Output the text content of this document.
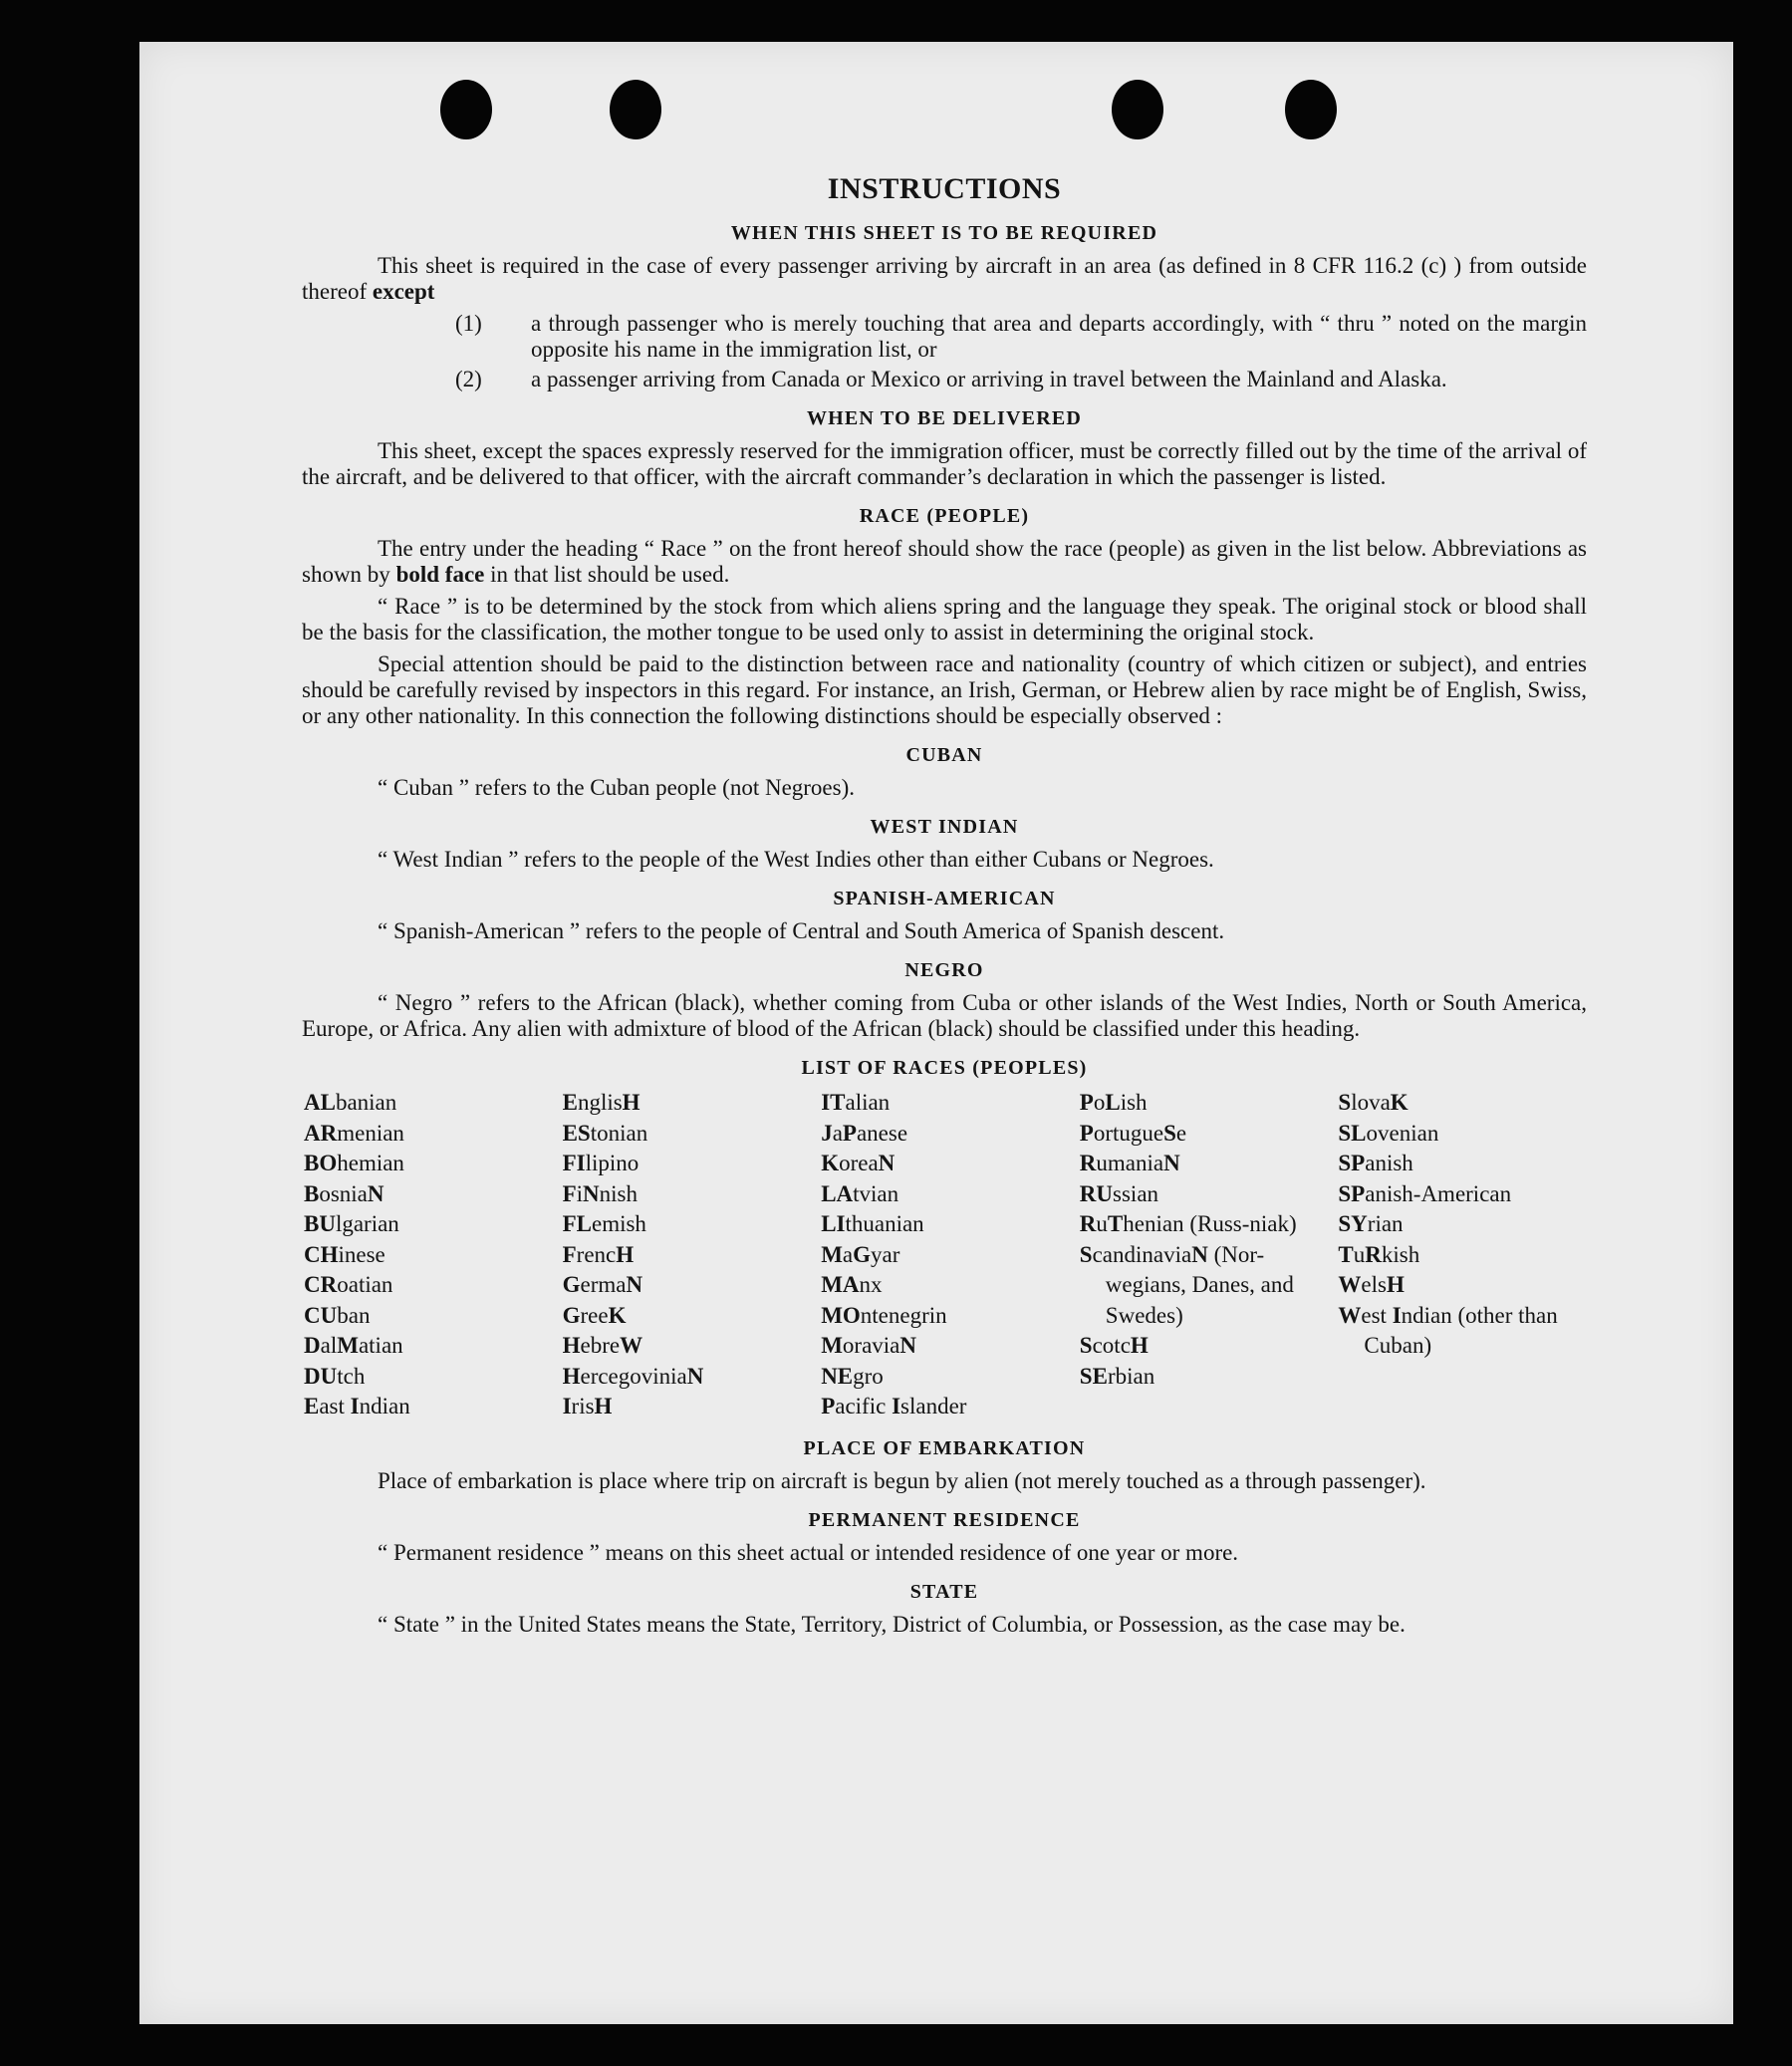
INSTRUCTIONS
WHEN THIS SHEET IS TO BE REQUIRED

This sheet is required in the case of every passenger arriving by aircraft in an area (as defined in 8 CFR 116.2 (c) ) from outside thereof except

(1) a through passenger who is merely touching that area and departs accordingly, with “ thru ” noted on the margin opposite his name in the immigration list, or
(2) a passenger arriving from Canada or Mexico or arriving in travel between the Mainland and Alaska.
WHEN TO BE DELIVERED

This sheet, except the spaces expressly reserved for the immigration officer, must be correctly filled out by the time of the arrival of the aircraft, and be delivered to that officer, with the aircraft commander’s declaration in which the passenger is listed.

RACE (PEOPLE)

The entry under the heading “ Race ” on the front hereof should show the race (people) as given in the list below. Abbreviations as shown by bold face in that list should be used.

“ Race ” is to be determined by the stock from which aliens spring and the language they speak. The original stock or blood shall be the basis for the classification, the mother tongue to be used only to assist in determining the original stock.

Special attention should be paid to the distinction between race and nationality (country of which citizen or subject), and entries should be carefully revised by inspectors in this regard. For instance, an Irish, German, or Hebrew alien by race might be of English, Swiss, or any other nationality. In this connection the following distinctions should be especially observed :

CUBAN

“ Cuban ” refers to the Cuban people (not Negroes).

WEST INDIAN

“ West Indian ” refers to the people of the West Indies other than either Cubans or Negroes.

SPANISH-AMERICAN

“ Spanish-American ” refers to the people of Central and South America of Spanish descent.

NEGRO

“ Negro ” refers to the African (black), whether coming from Cuba or other islands of the West Indies, North or South America, Europe, or Africa. Any alien with admixture of blood of the African (black) should be classified under this heading.

LIST OF RACES (PEOPLES)
ALbanian
ARmenian
BOhemian
BosniaN
BUlgarian
CHinese
CRoatian
CUban
DalMatian
DUtch
East Indian
EnglisH
EStonian
FIlipino
FiNnish
FLemish
FrencH
GermaN
GreeK
HebreW
HercegoviniaN
IrisH
ITalian
JaPanese
KoreaN
LAtvian
LIthuanian
MaGyar
MAnx
MOntenegrin
MoraviaN
NEgro
Pacific Islander
PoLish
PortugueSe
RumaniaN
RUssian
RuThenian (Russ-niak)
ScandinaviaN (Nor-wegians, Danes, and Swedes)
ScotcH
SErbian
SlovaK
SLovenian
SPanish
SPanish-American
SYrian
TuRkish
WelsH
West Indian (other than Cuban)
PLACE OF EMBARKATION

Place of embarkation is place where trip on aircraft is begun by alien (not merely touched as a through passenger).

PERMANENT RESIDENCE

“ Permanent residence ” means on this sheet actual or intended residence of one year or more.

STATE

“ State ” in the United States means the State, Territory, District of Columbia, or Possession, as the case may be.
